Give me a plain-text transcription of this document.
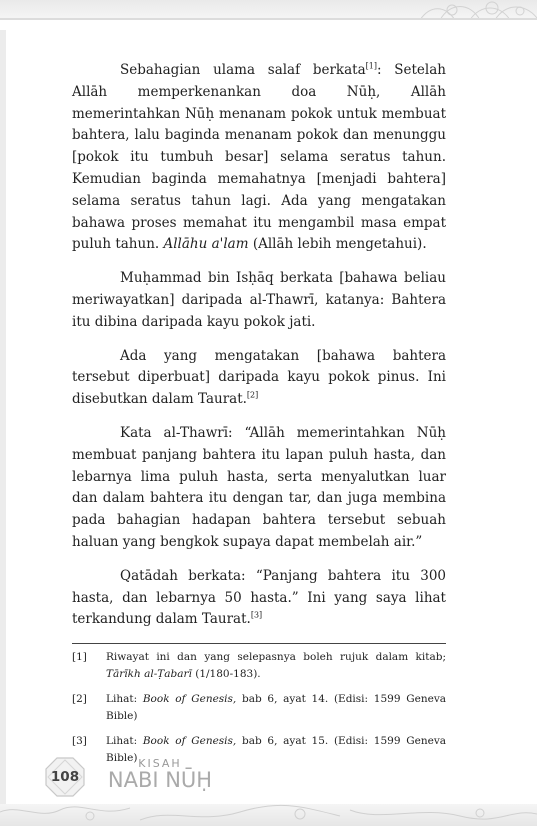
Sebahagian ulama salaf berkata[1]: Setelah Allāh memperkenankan doa Nūḥ, Allāh memerintahkan Nūḥ menanam pokok untuk membuat bahtera, lalu baginda menanam pokok dan menunggu [pokok itu tumbuh besar] selama seratus tahun. Kemudian baginda memahatnya [menjadi bahtera] selama seratus tahun lagi. Ada yang mengatakan bahawa proses memahat itu mengambil masa empat puluh tahun. Allāhu a'lam (Allāh lebih mengetahui).

Muḥammad bin Isḥāq berkata [bahawa beliau meriwayatkan] daripada al-Thawrī, katanya: Bahtera itu dibina daripada kayu pokok jati.

Ada yang mengatakan [bahawa bahtera tersebut diperbuat] daripada kayu pokok pinus. Ini disebutkan dalam Taurat.[2]

Kata al-Thawrī: “Allāh memerintahkan Nūḥ membuat panjang bahtera itu lapan puluh hasta, dan lebarnya lima puluh hasta, serta menyalutkan luar dan dalam bahtera itu dengan tar, dan juga membina pada bahagian hadapan bahtera tersebut sebuah haluan yang bengkok supaya dapat membelah air.”

Qatādah berkata: “Panjang bahtera itu 300 hasta, dan lebarnya 50 hasta.” Ini yang saya lihat terkandung dalam Taurat.[3]

[1]	Riwayat ini dan yang selepasnya boleh rujuk dalam kitab; Tārīkh al-Ṭabarī (1/180-183).
[2]	Lihat: Book of Genesis, bab 6, ayat 14. (Edisi: 1599 Geneva Bible)
[3]	Lihat: Book of Genesis, bab 6, ayat 15. (Edisi: 1599 Geneva Bible)
108
KISAH
NABI NŪḤ
